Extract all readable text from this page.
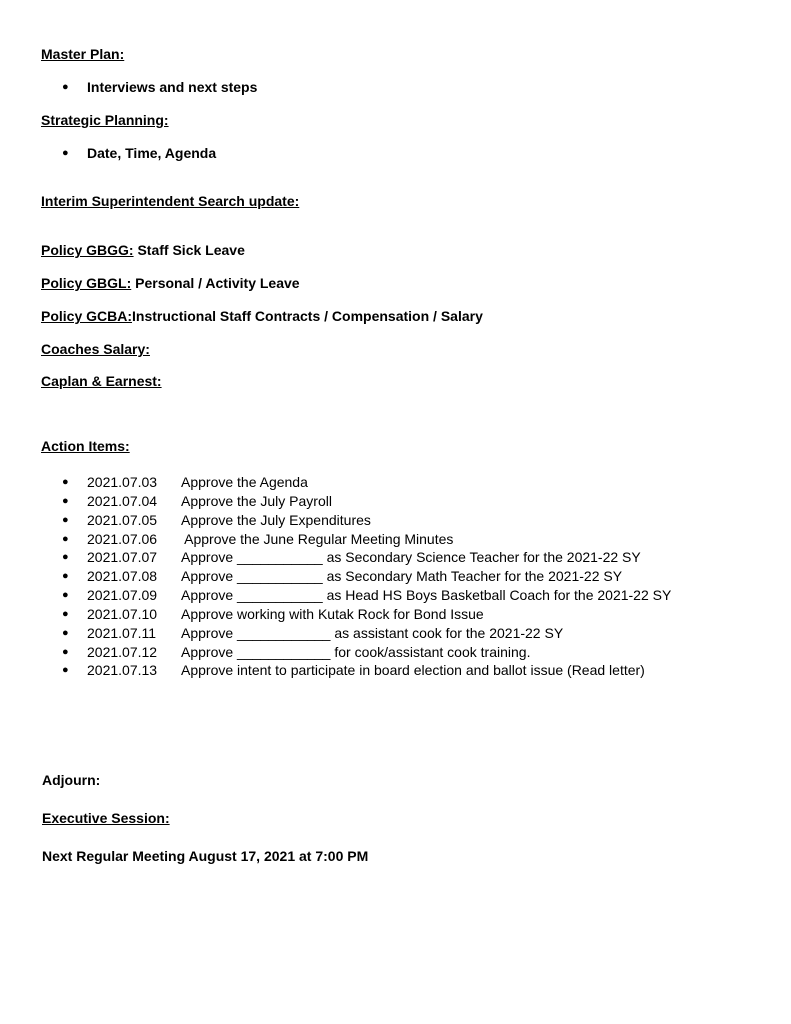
Master Plan:
● Interviews and next steps
Strategic Planning:
● Date, Time, Agenda
Interim Superintendent Search update:
Policy GBGG: Staff Sick Leave
Policy GBGL: Personal / Activity Leave
Policy GCBA:Instructional Staff Contracts / Compensation / Salary
Coaches Salary:
Caplan & Earnest:
Action Items:
● 2021.07.03 Approve the Agenda
● 2021.07.04 Approve the July Payroll
● 2021.07.05 Approve the July Expenditures
● 2021.07.06 Approve the June Regular Meeting Minutes
● 2021.07.07 Approve ___________ as Secondary Science Teacher for the 2021-22 SY
● 2021.07.08 Approve ___________ as Secondary Math Teacher for the 2021-22 SY
● 2021.07.09 Approve ___________ as Head HS Boys Basketball Coach for the 2021-22 SY
● 2021.07.10 Approve working with Kutak Rock for Bond Issue
● 2021.07.11 Approve ____________ as assistant cook for the 2021-22 SY
● 2021.07.12 Approve ____________ for cook/assistant cook training.
● 2021.07.13 Approve intent to participate in board election and ballot issue (Read letter)
Adjourn:
Executive Session:
Next Regular Meeting August 17, 2021 at 7:00 PM
